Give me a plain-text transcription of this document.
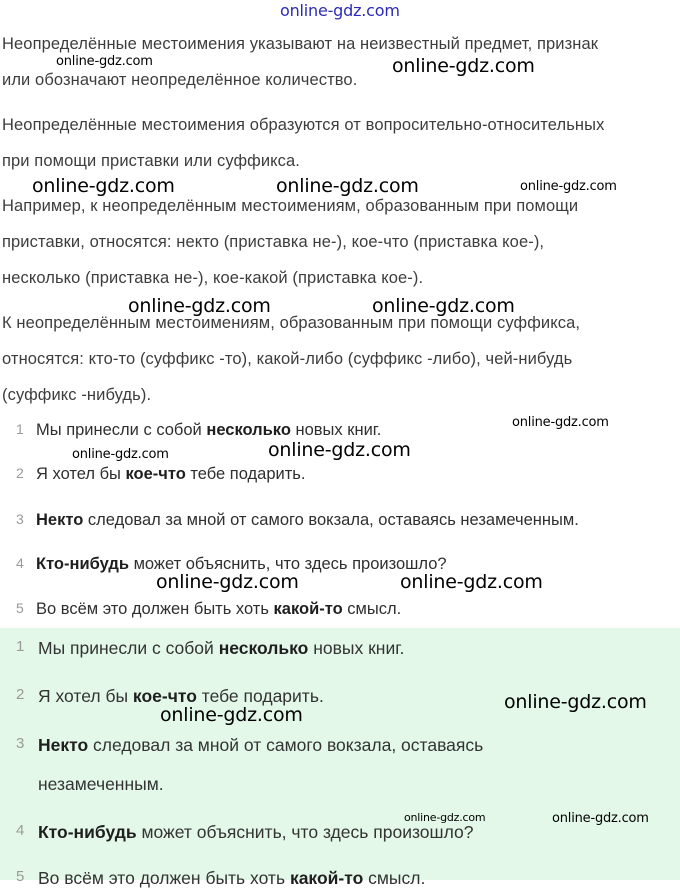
Неопределённые местоимения указывают на неизвестный предмет, признак
или обозначают неопределённое количество.

Неопределённые местоимения образуются от вопросительно-относительных
при помощи приставки или суффикса.

Например, к неопределённым местоимениям, образованным при помощи
приставки, относятся: некто (приставка не-), кое-что (приставка кое-),
несколько (приставка не-), кое-какой (приставка кое-).

К неопределённым местоимениям, образованным при помощи суффикса,
относятся: кто-то (суффикс -то), какой-либо (суффикс -либо), чей-нибудь
(суффикс -нибудь).

1 Мы принесли с собой несколько новых книг.
2 Я хотел бы кое-что тебе подарить.
3 Некто следовал за мной от самого вокзала, оставаясь незамеченным.
4 Кто-нибудь может объяснить, что здесь произошло?
5 Во всём это должен быть хоть какой-то смысл.
1 Мы принесли с собой несколько новых книг.
2 Я хотел бы кое-что тебе подарить.
3 Некто следовал за мной от самого вокзала, оставаясь
незамеченным.
4 Кто-нибудь может объяснить, что здесь произошло?
5 Во всём это должен быть хоть какой-то смысл.
online-gdz.com
online-gdz.com	online-gdz.com
online-gdz.com	online-gdz.com	online-gdz.com
online-gdz.com	online-gdz.com
online-gdz.com
online-gdz.com
online-gdz.com
online-gdz.com	online-gdz.com
online-gdz.com
online-gdz.com
online-gdz.com	online-gdz.com
